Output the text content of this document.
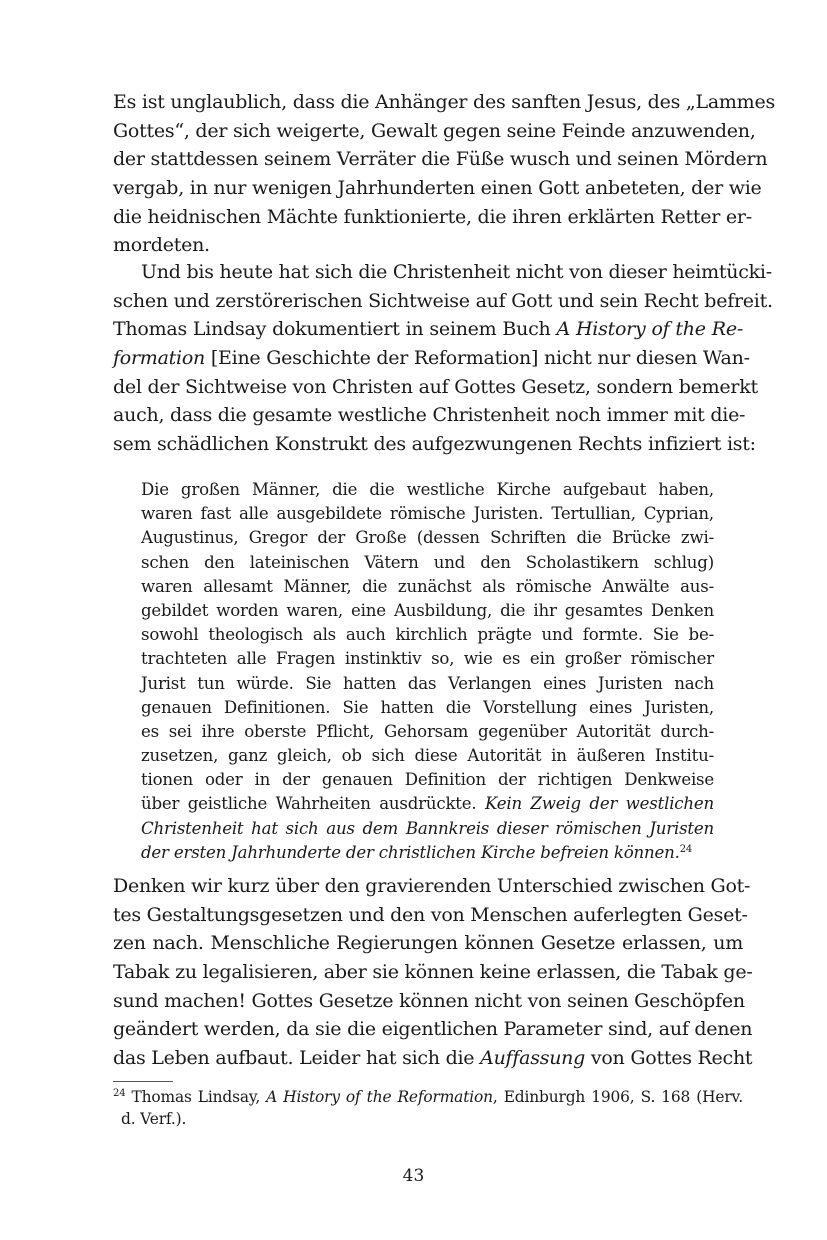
Es ist unglaublich, dass die Anhänger des sanften Jesus, des „Lammes
Gottes“, der sich weigerte, Gewalt gegen seine Feinde anzuwenden,
der stattdessen seinem Verräter die Füße wusch und seinen Mördern
vergab, in nur wenigen Jahrhunderten einen Gott anbeteten, der wie
die heidnischen Mächte funktionierte, die ihren erklärten Retter er-
mordeten.
Und bis heute hat sich die Christenheit nicht von dieser heimtücki-
schen und zerstörerischen Sichtweise auf Gott und sein Recht befreit.
Thomas Lindsay dokumentiert in seinem Buch A History of the Re-
formation [Eine Geschichte der Reformation] nicht nur diesen Wan-
del der Sichtweise von Christen auf Gottes Gesetz, sondern bemerkt
auch, dass die gesamte westliche Christenheit noch immer mit die-
sem schädlichen Konstrukt des aufgezwungenen Rechts infiziert ist:
Die großen Männer, die die westliche Kirche aufgebaut haben,
waren fast alle ausgebildete römische Juristen. Tertullian, Cyprian,
Augustinus, Gregor der Große (dessen Schriften die Brücke zwi-
schen den lateinischen Vätern und den Scholastikern schlug)
waren allesamt Männer, die zunächst als römische Anwälte aus-
gebildet worden waren, eine Ausbildung, die ihr gesamtes Denken
sowohl theologisch als auch kirchlich prägte und formte. Sie be-
trachteten alle Fragen instinktiv so, wie es ein großer römischer
Jurist tun würde. Sie hatten das Verlangen eines Juristen nach
genauen Definitionen. Sie hatten die Vorstellung eines Juristen,
es sei ihre oberste Pflicht, Gehorsam gegenüber Autorität durch-
zusetzen, ganz gleich, ob sich diese Autorität in äußeren Institu-
tionen oder in der genauen Definition der richtigen Denkweise
über geistliche Wahrheiten ausdrückte. Kein Zweig der westlichen
Christenheit hat sich aus dem Bannkreis dieser römischen Juristen
der ersten Jahrhunderte der christlichen Kirche befreien können.$^{24}$
Denken wir kurz über den gravierenden Unterschied zwischen Got-
tes Gestaltungsgesetzen und den von Menschen auferlegten Geset-
zen nach. Menschliche Regierungen können Gesetze erlassen, um
Tabak zu legalisieren, aber sie können keine erlassen, die Tabak ge-
sund machen! Gottes Gesetze können nicht von seinen Geschöpfen
geändert werden, da sie die eigentlichen Parameter sind, auf denen
das Leben aufbaut. Leider hat sich die Auffassung von Gottes Recht
$^{24}$ Thomas Lindsay, A History of the Reformation, Edinburgh 1906, S. 168 (Herv.
d. Verf.).
43
